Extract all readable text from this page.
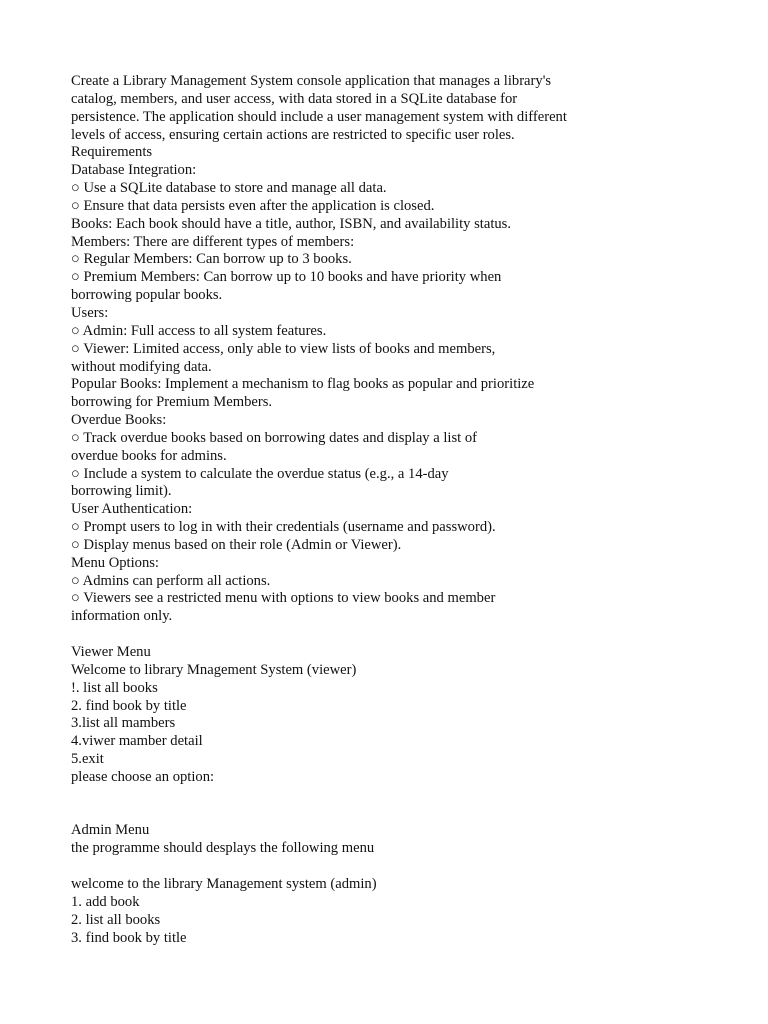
Create a Library Management System console application that manages a library's
catalog, members, and user access, with data stored in a SQLite database for
persistence. The application should include a user management system with different
levels of access, ensuring certain actions are restricted to specific user roles.
Requirements
Database Integration:
○ Use a SQLite database to store and manage all data.
○ Ensure that data persists even after the application is closed.
Books: Each book should have a title, author, ISBN, and availability status.
Members: There are different types of members:
○ Regular Members: Can borrow up to 3 books.
○ Premium Members: Can borrow up to 10 books and have priority when
borrowing popular books.
Users:
○ Admin: Full access to all system features.
○ Viewer: Limited access, only able to view lists of books and members,
without modifying data.
Popular Books: Implement a mechanism to flag books as popular and prioritize
borrowing for Premium Members.
Overdue Books:
○ Track overdue books based on borrowing dates and display a list of
overdue books for admins.
○ Include a system to calculate the overdue status (e.g., a 14-day
borrowing limit).
User Authentication:
○ Prompt users to log in with their credentials (username and password).
○ Display menus based on their role (Admin or Viewer).
Menu Options:
○ Admins can perform all actions.
○ Viewers see a restricted menu with options to view books and member
information only.
Viewer Menu
Welcome to library Mnagement System (viewer)
!. list all books
2. find book by title
3.list all mambers
4.viwer mamber detail
5.exit
please choose an option:
Admin Menu
the programme should desplays the following menu
welcome to the library Management system (admin)
1. add book
2. list all books
3. find book by title
